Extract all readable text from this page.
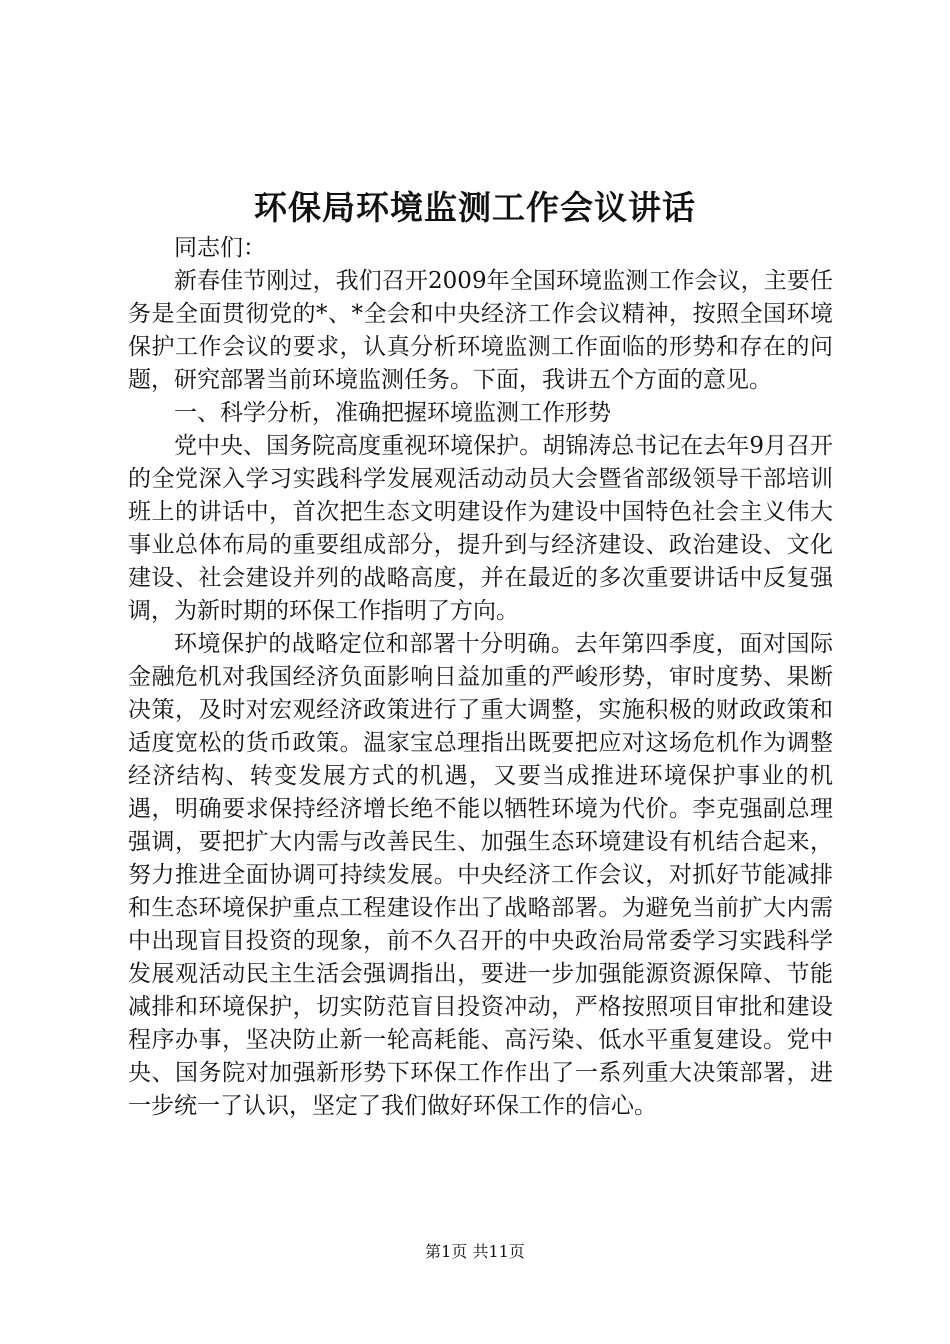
环保局环境监测工作会议讲话

同志们：

新春佳节刚过，我们召开2009年全国环境监测工作会议，主要任务是全面贯彻党的*、*全会和中央经济工作会议精神，按照全国环境保护工作会议的要求，认真分析环境监测工作面临的形势和存在的问题，研究部署当前环境监测任务。下面，我讲五个方面的意见。

一、科学分析，准确把握环境监测工作形势

党中央、国务院高度重视环境保护。胡锦涛总书记在去年9月召开的全党深入学习实践科学发展观活动动员大会暨省部级领导干部培训班上的讲话中，首次把生态文明建设作为建设中国特色社会主义伟大事业总体布局的重要组成部分，提升到与经济建设、政治建设、文化建设、社会建设并列的战略高度，并在最近的多次重要讲话中反复强调，为新时期的环保工作指明了方向。

环境保护的战略定位和部署十分明确。去年第四季度，面对国际金融危机对我国经济负面影响日益加重的严峻形势，审时度势、果断决策，及时对宏观经济政策进行了重大调整，实施积极的财政政策和适度宽松的货币政策。温家宝总理指出既要把应对这场危机作为调整经济结构、转变发展方式的机遇，又要当成推进环境保护事业的机遇，明确要求保持经济增长绝不能以牺牲环境为代价。李克强副总理强调，要把扩大内需与改善民生、加强生态环境建设有机结合起来，努力推进全面协调可持续发展。中央经济工作会议，对抓好节能减排和生态环境保护重点工程建设作出了战略部署。为避免当前扩大内需中出现盲目投资的现象，前不久召开的中央政治局常委学习实践科学发展观活动民主生活会强调指出，要进一步加强能源资源保障、节能减排和环境保护，切实防范盲目投资冲动，严格按照项目审批和建设程序办事，坚决防止新一轮高耗能、高污染、低水平重复建设。党中央、国务院对加强新形势下环保工作作出了一系列重大决策部署，进一步统一了认识，坚定了我们做好环保工作的信心。

第1页 共11页
